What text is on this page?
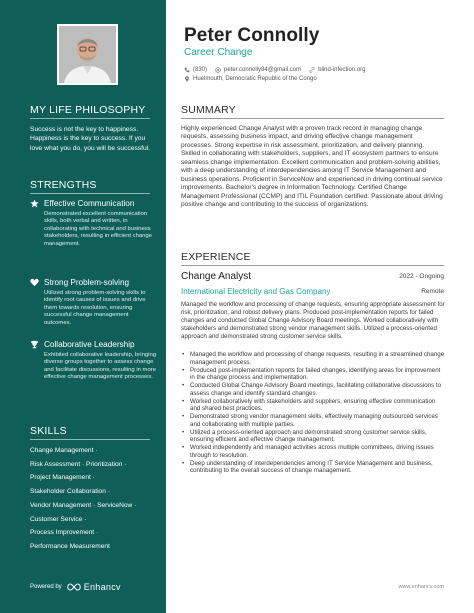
MY LIFE PHILOSOPHY
Success is not the key to happiness. Happiness is the key to success. If you love what you do, you will be successful.
STRENGTHS
Effective Communication
Demonstrated excellent communication skills, both verbal and written, in collaborating with technical and business stakeholders, resulting in efficient change management.
Strong Problem-solving
Utilized strong problem-solving skills to identify root causes of issues and drive them towards resolution, ensuring successful change management outcomes.
Collaborative Leadership
Exhibited collaborative leadership, bringing diverse groups together to assess change and facilitate discussions, resulting in more effective change management processes.
SKILLS
Change Management ·
Risk Assessment · Prioritization ·
Project Management ·
Stakeholder Collaboration ·
Vendor Management · ServiceNow ·
Customer Service ·
Process Improvement ·
Performance Measurement
Powered by Enhancv
Peter Connolly
Career Change
(830)	peter.connolly84@gmail.com	blind-infection.org
Huelmouth, Democratic Republic of the Congo
SUMMARY
Highly experienced Change Analyst with a proven track record in managing change requests, assessing business impact, and driving effective change management processes. Strong expertise in risk assessment, prioritization, and delivery planning. Skilled in collaborating with stakeholders, suppliers, and IT ecosystem partners to ensure seamless change implementation. Excellent communication and problem-solving abilities, with a deep understanding of interdependencies among IT Service Management and business operations. Proficient in ServiceNow and experienced in driving continual service improvements. Bachelor's degree in Information Technology. Certified Change Management Professional (CCMP) and ITIL Foundation certified. Passionate about driving positive change and contributing to the success of organizations.
EXPERIENCE
Change Analyst	2022 - Ongoing
International Electricity and Gas Company	Remote
Managed the workflow and processing of change requests, ensuring appropriate assessment for risk, prioritization, and robust delivery plans. Produced post-implementation reports for failed changes and conducted Global Change Advisory Board meetings. Worked collaboratively with stakeholders and demonstrated strong vendor management skills. Utilized a process-oriented approach and demonstrated strong customer service skills.
• Managed the workflow and processing of change requests, resulting in a streamlined change management process.
• Produced post-implementation reports for failed changes, identifying areas for improvement in the change process and implementation.
• Conducted Global Change Advisory Board meetings, facilitating collaborative discussions to assess change and identify standard changes.
• Worked collaboratively with stakeholders and suppliers, ensuring effective communication and shared best practices.
• Demonstrated strong vendor management skills, effectively managing outsourced services and collaborating with multiple parties.
• Utilized a process-oriented approach and demonstrated strong customer service skills, ensuring efficient and effective change management.
• Worked independently and managed activities across multiple committees, driving issues through to resolution.
• Deep understanding of interdependencies among IT Service Management and business, contributing to the overall success of change management.
www.enhancv.com
